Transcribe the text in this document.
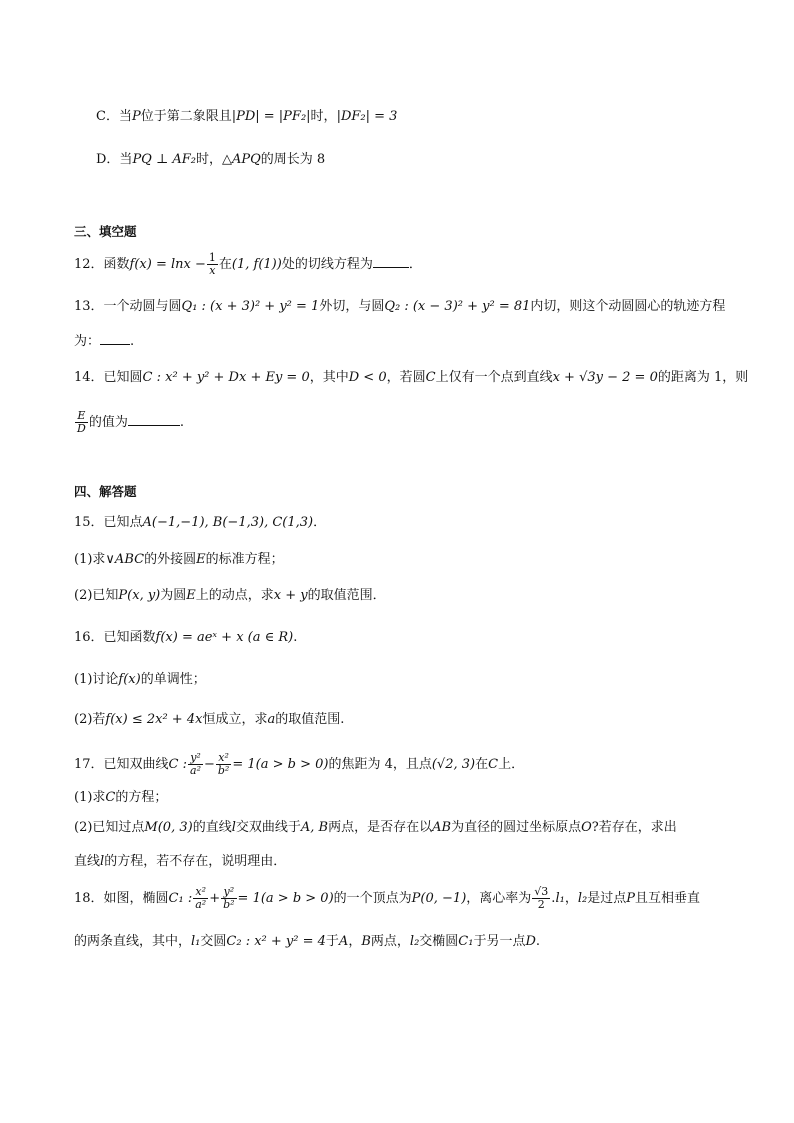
C．当P位于第二象限且|PD| = |PF₂|时，|DF₂| = 3
D．当PQ ⊥ AF₂时，△APQ的周长为 8
三、填空题
12．函数$f(x) = \ln x - \frac{1}{x}$ 在(1, f(1))处的切线方程为	．
13．一个动圆与圆Q₁ : (x + 3)² + y² = 1外切，与圆Q₂ : (x − 3)² + y² = 81内切，则这个动圆圆心的轨迹方程
为： .
14．已知圆C : x² + y² + Dx + Ey = 0，其中D < 0，若圆C上仅有一个点到直线x + √3y − 2 = 0的距离为 1，则
$\frac{E}{D}$ 的值为	.
四、解答题
15．已知点A(−1,−1), B(−1,3), C(1,3)．
(1)求∨ABC的外接圆E的标准方程；
(2)已知P(x, y)为圆E上的动点，求x + y的取值范围．
16．已知函数f(x) = aeˣ + x (a ∈ R).
(1)讨论f(x)的单调性；
(2)若f(x) ≤ 2x² + 4x恒成立，求a的取值范围.
17．已知双曲线C : $\frac{\text{y²}}{\text{a²}} - \frac{\text{x²}}{\text{b²}} = 1(a > b > 0)$的焦距为 4，且点(√2, 3)在C上．
(1)求C的方程；
(2)已知过点M(0, 3)的直线l交双曲线于A, B两点，是否存在以AB为直径的圆过坐标原点O?若存在，求出
直线l的方程，若不存在，说明理由．
18．如图，椭圆C₁ : $\frac{\text{x²}}{\text{a²}} + \frac{\text{y²}}{\text{b²}} = 1(a > b > 0)$的一个顶点为P(0, −1)，离心率为 $\frac{√3}{2} .l_1$，l₂是过点P且互相垂直
的两条直线，其中，l₁交圆C₂ : x² + y² = 4于A，B两点，l₂交椭圆C₁于另一点D.
